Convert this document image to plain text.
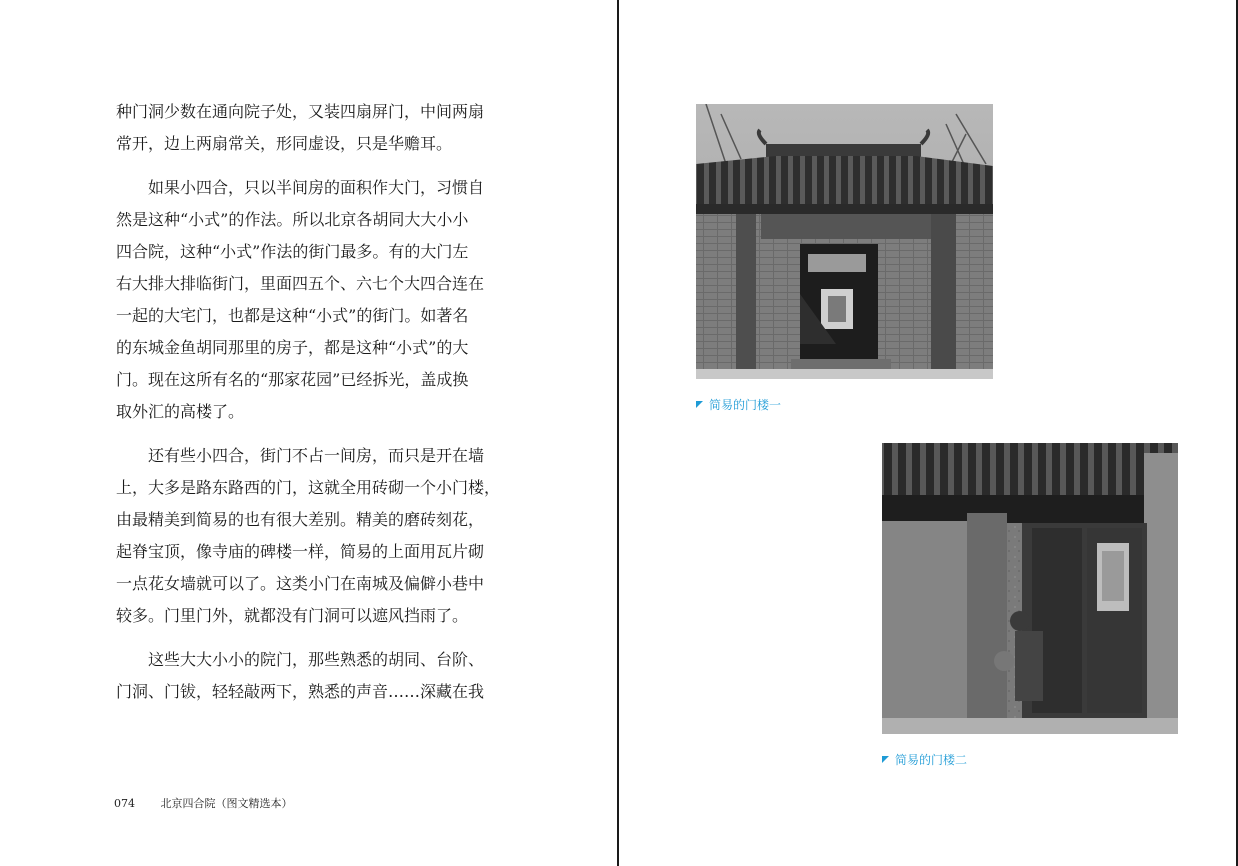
种门洞少数在通向院子处，又装四扇屏门，中间两扇
常开，边上两扇常关，形同虚设，只是华赡耳。

如果小四合，只以半间房的面积作大门，习惯自
然是这种“小式”的作法。所以北京各胡同大大小小
四合院，这种“小式”作法的街门最多。有的大门左
右大排大排临街门，里面四五个、六七个大四合连在
一起的大宅门，也都是这种“小式”的街门。如著名
的东城金鱼胡同那里的房子，都是这种“小式”的大
门。现在这所有名的“那家花园”已经拆光，盖成换
取外汇的高楼了。

还有些小四合，街门不占一间房，而只是开在墙
上，大多是路东路西的门，这就全用砖砌一个小门楼，
由最精美到简易的也有很大差别。精美的磨砖刻花，
起脊宝顶，像寺庙的碑楼一样，简易的上面用瓦片砌
一点花女墙就可以了。这类小门在南城及偏僻小巷中
较多。门里门外，就都没有门洞可以遮风挡雨了。

这些大大小小的院门，那些熟悉的胡同、台阶、
门洞、门钹，轻轻敲两下，熟悉的声音……深藏在我

074 北京四合院（图文精选本）
简易的门楼一
简易的门楼二
